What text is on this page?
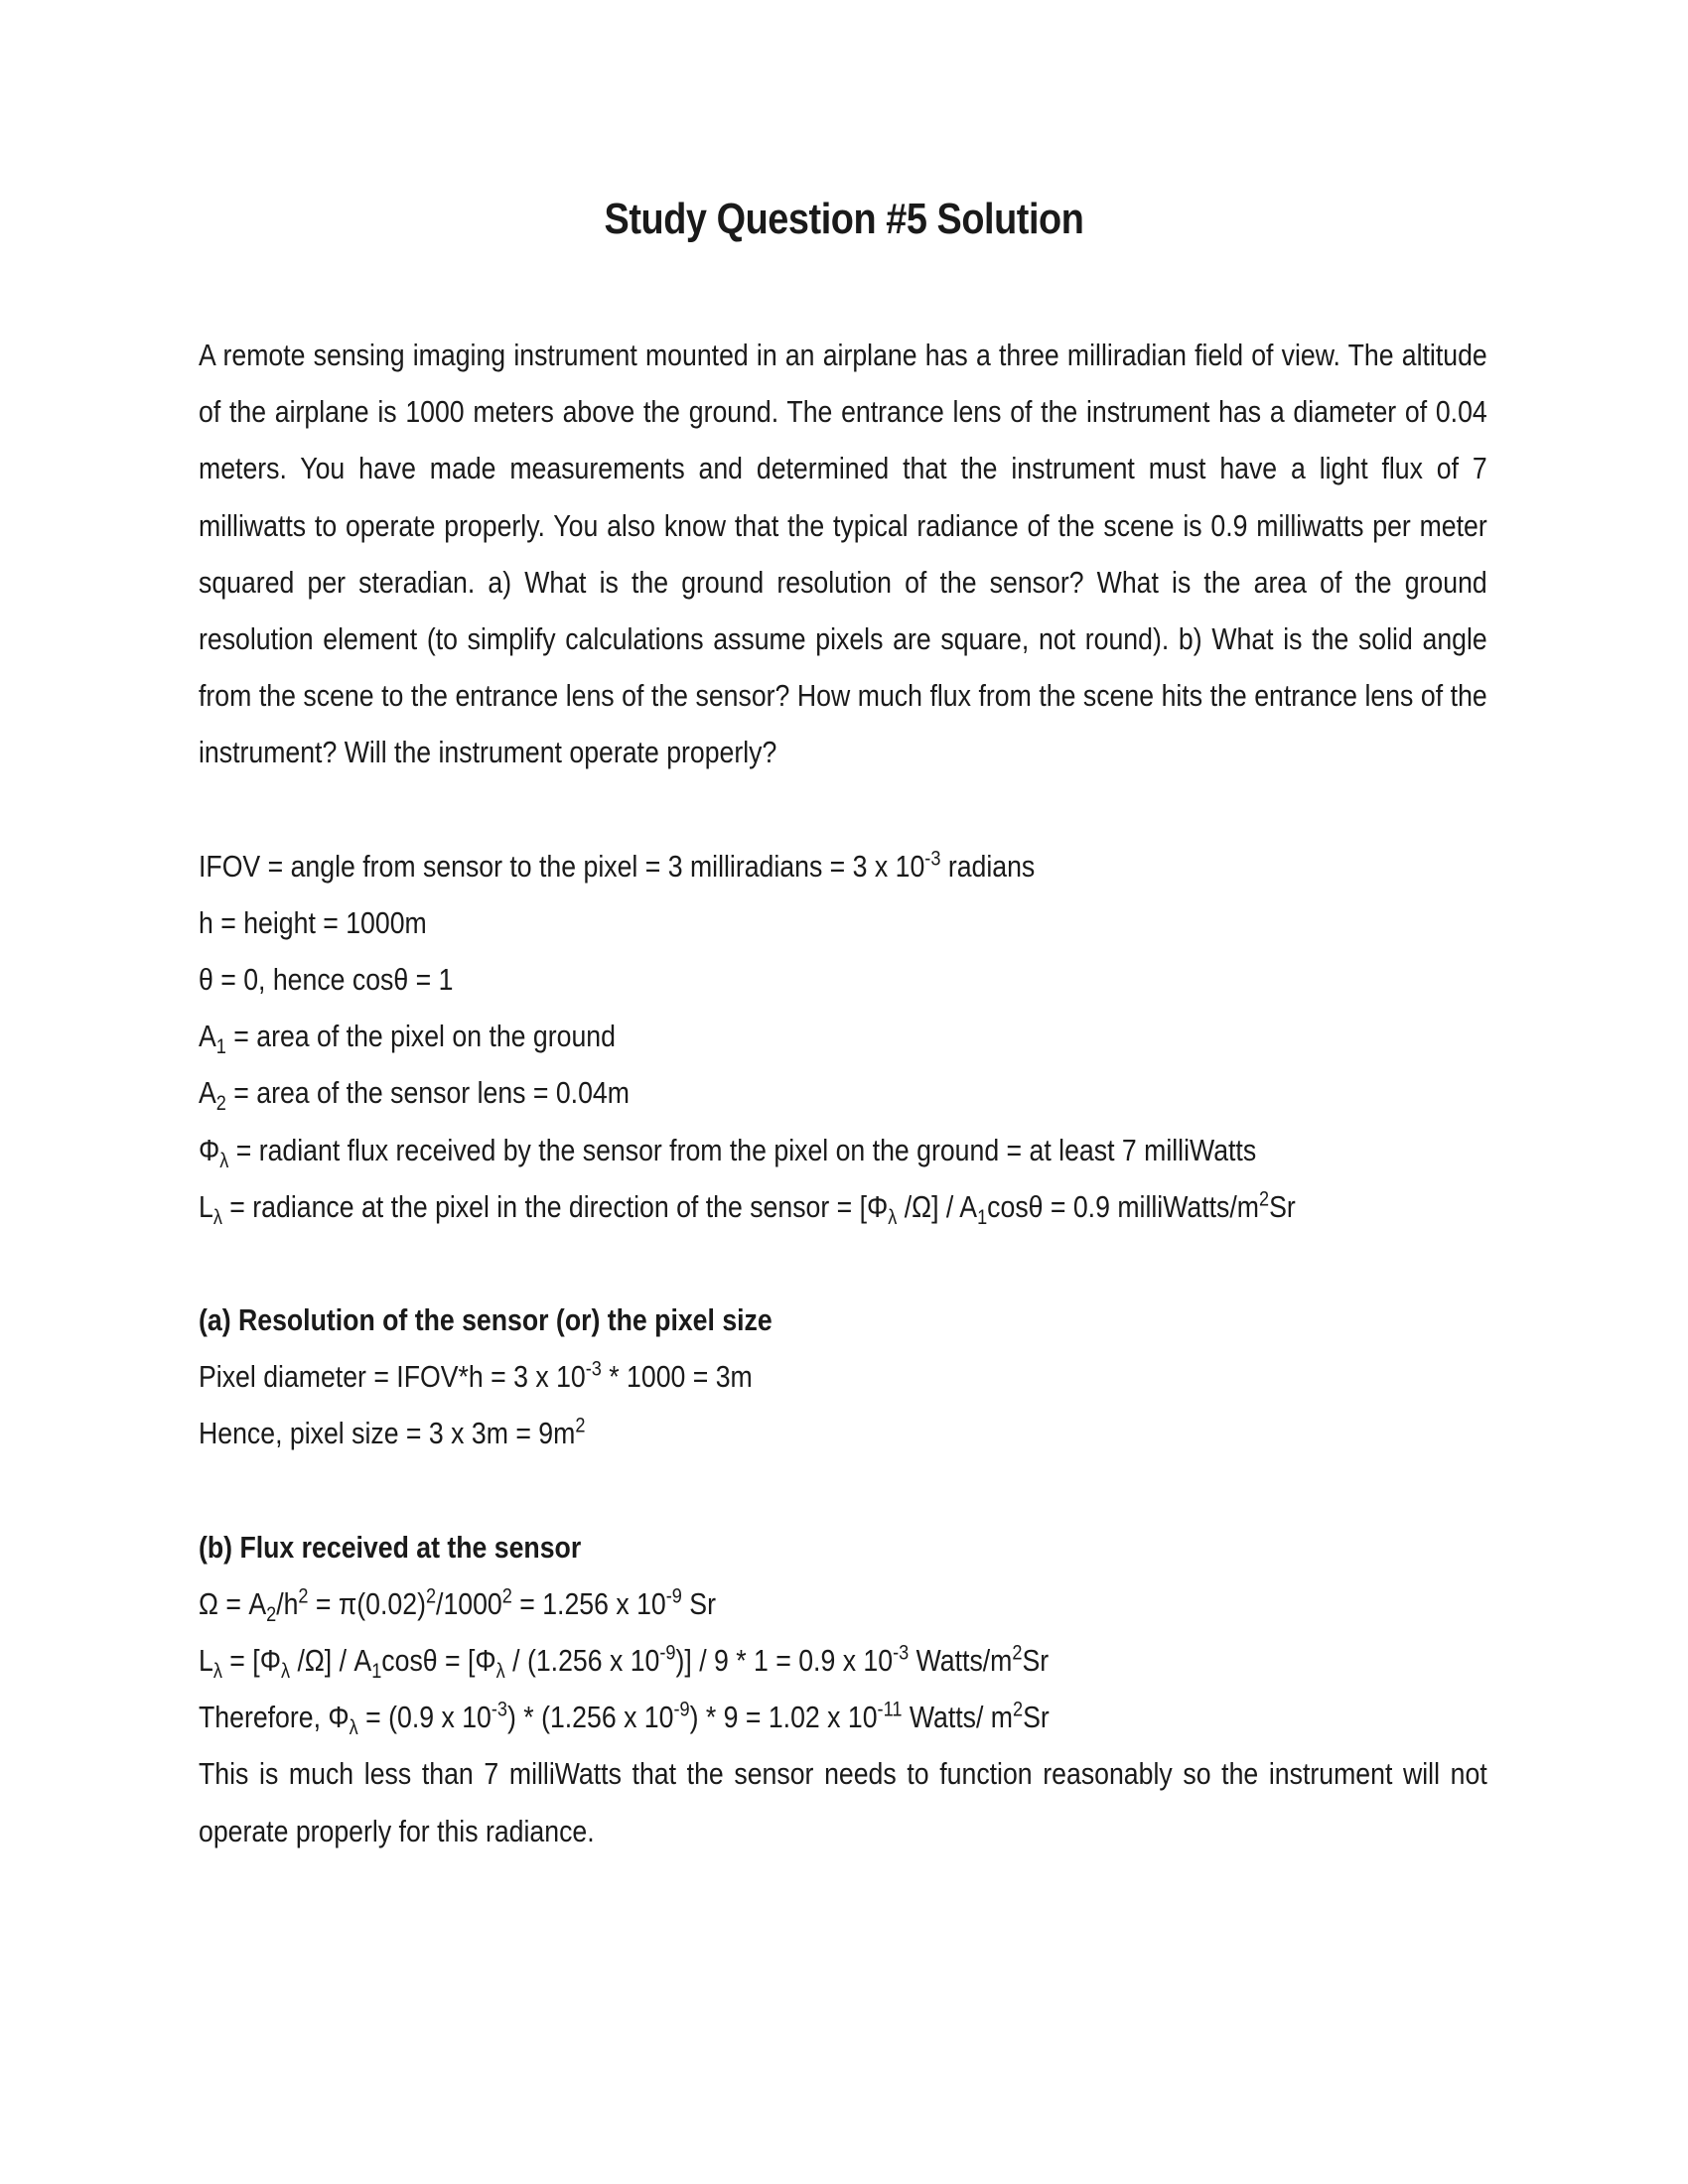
Study Question #5 Solution
A remote sensing imaging instrument mounted in an airplane has a three milliradian field of view. The altitude of the airplane is 1000 meters above the ground. The entrance lens of the instrument has a diameter of 0.04 meters. You have made measurements and determined that the instrument must have a light flux of 7 milliwatts to operate properly. You also know that the typical radiance of the scene is 0.9 milliwatts per meter squared per steradian. a) What is the ground resolution of the sensor? What is the area of the ground resolution element (to simplify calculations assume pixels are square, not round). b) What is the solid angle from the scene to the entrance lens of the sensor? How much flux from the scene hits the entrance lens of the instrument? Will the instrument operate properly?

IFOV = angle from sensor to the pixel = 3 milliradians = 3 x $10^{-3}$ radians

h = height = 1000m

θ = 0, hence cosθ = 1

$A_1$ = area of the pixel on the ground

$A_2$ = area of the sensor lens = 0.04m

$\Phi_\lambda$ = radiant flux received by the sensor from the pixel on the ground = at least 7 milliWatts

$L_\lambda$ = radiance at the pixel in the direction of the sensor = [$\Phi_\lambda$ $/\Omega] / A_1\cos\theta = 0.9$ milliWatts/$m^2Sr$

(a) Resolution of the sensor (or) the pixel size

Pixel diameter = IFOV*h = 3 x $10^{-3} * 1000 = 3m$

Hence, pixel size = 3 x $3m = 9m^2$

(b) Flux received at the sensor

$\Omega = A_2/h^2 = \pi(0.02)^2/1000^2 = 1.256$ x $10^{-9}$ Sr

$L_\lambda = [\Phi_\lambda$ $/\Omega] / A_1\cos\theta = [\Phi_\lambda / (1.256$ x $10^{-9})] / 9 * 1 = 0.9$ x $10^{-3}$ Watts/$m^2Sr$

Therefore, $\Phi_\lambda = (0.9$ x $10^{-3}) * (1.256$ x $10^{-9}) * 9 = 1.02$ x $10^{-11}$ Watts/ $m^2Sr$

This is much less than 7 milliWatts that the sensor needs to function reasonably so the instrument will not operate properly for this radiance.
